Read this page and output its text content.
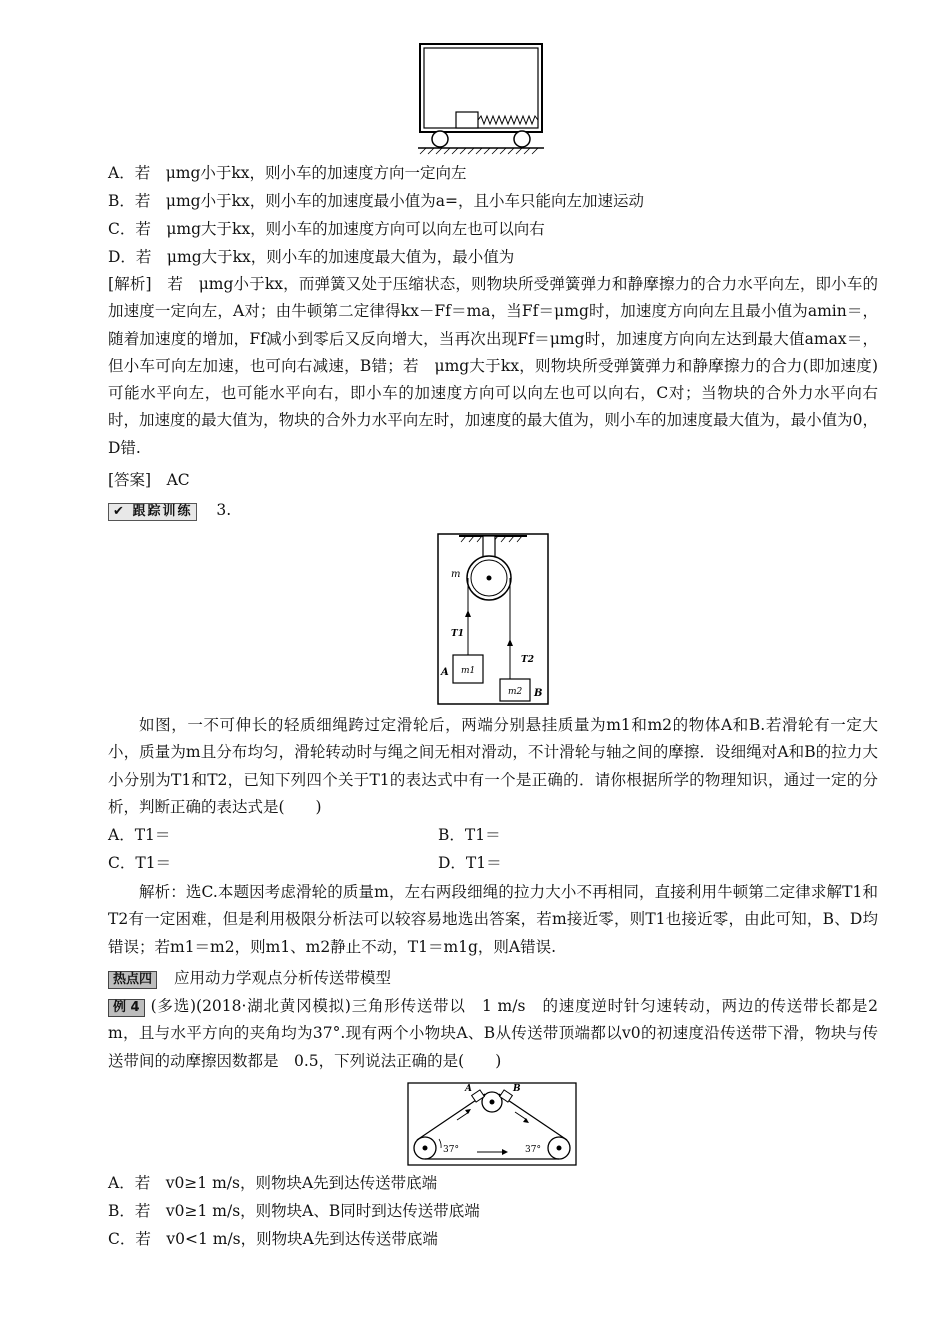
A．若　μmg小于kx，则小车的加速度方向一定向左
B．若　μmg小于kx，则小车的加速度最小值为a=，且小车只能向左加速运动
C．若　μmg大于kx，则小车的加速度方向可以向左也可以向右
D．若　μmg大于kx，则小车的加速度最大值为，最小值为
[解析]　若　μmg小于kx，而弹簧又处于压缩状态，则物块所受弹簧弹力和静摩擦力的合力水平向左，即小车的加速度一定向左，A对；由牛顿第二定律得kx－Ff＝ma，当Ff＝μmg时，加速度方向向左且最小值为amin＝，随着加速度的增加，Ff减小到零后又反向增大，当再次出现Ff＝μmg时，加速度方向向左达到最大值amax＝，但小车可向左加速，也可向右减速，B错；若　μmg大于kx，则物块所受弹簧弹力和静摩擦力的合力(即加速度)可能水平向左，也可能水平向右，即小车的加速度方向可以向左也可以向右，C对；当物块的合外力水平向右时，加速度的最大值为，物块的合外力水平向左时，加速度的最大值为，则小车的加速度最大值为，最小值为0，D错.
[答案]　AC
✔ 跟踪训练 3.
m
T1
T2
m1
A
m2 B
如图，一不可伸长的轻质细绳跨过定滑轮后，两端分别悬挂质量为m1和m2的物体A和B.若滑轮有一定大小，质量为m且分布均匀，滑轮转动时与绳之间无相对滑动，不计滑轮与轴之间的摩擦．设细绳对A和B的拉力大小分别为T1和T2，已知下列四个关于T1的表达式中有一个是正确的．请你根据所学的物理知识，通过一定的分析，判断正确的表达式是(　　)
A．T1＝	B．T1＝
C．T1＝	D．T1＝
解析：选C.本题因考虑滑轮的质量m，左右两段细绳的拉力大小不再相同，直接利用牛顿第二定律求解T1和T2有一定困难，但是利用极限分析法可以较容易地选出答案，若m接近零，则T1也接近零，由此可知，B、D均错误；若m1＝m2，则m1、m2静止不动，T1＝m1g，则A错误.
热点四 应用动力学观点分析传送带模型
例 4 (多选)(2018·湖北黄冈模拟)三角形传送带以　1 m/s　的速度逆时针匀速转动，两边的传送带长都是2 m，且与水平方向的夹角均为37°.现有两个小物块A、B从传送带顶端都以v0的初速度沿传送带下滑，物块与传送带间的动摩擦因数都是　0.5，下列说法正确的是(　　)
A	B
37°	37°
A．若　v0≥1 m/s，则物块A先到达传送带底端
B．若　v0≥1 m/s，则物块A、B同时到达传送带底端
C．若　v0<1 m/s，则物块A先到达传送带底端
